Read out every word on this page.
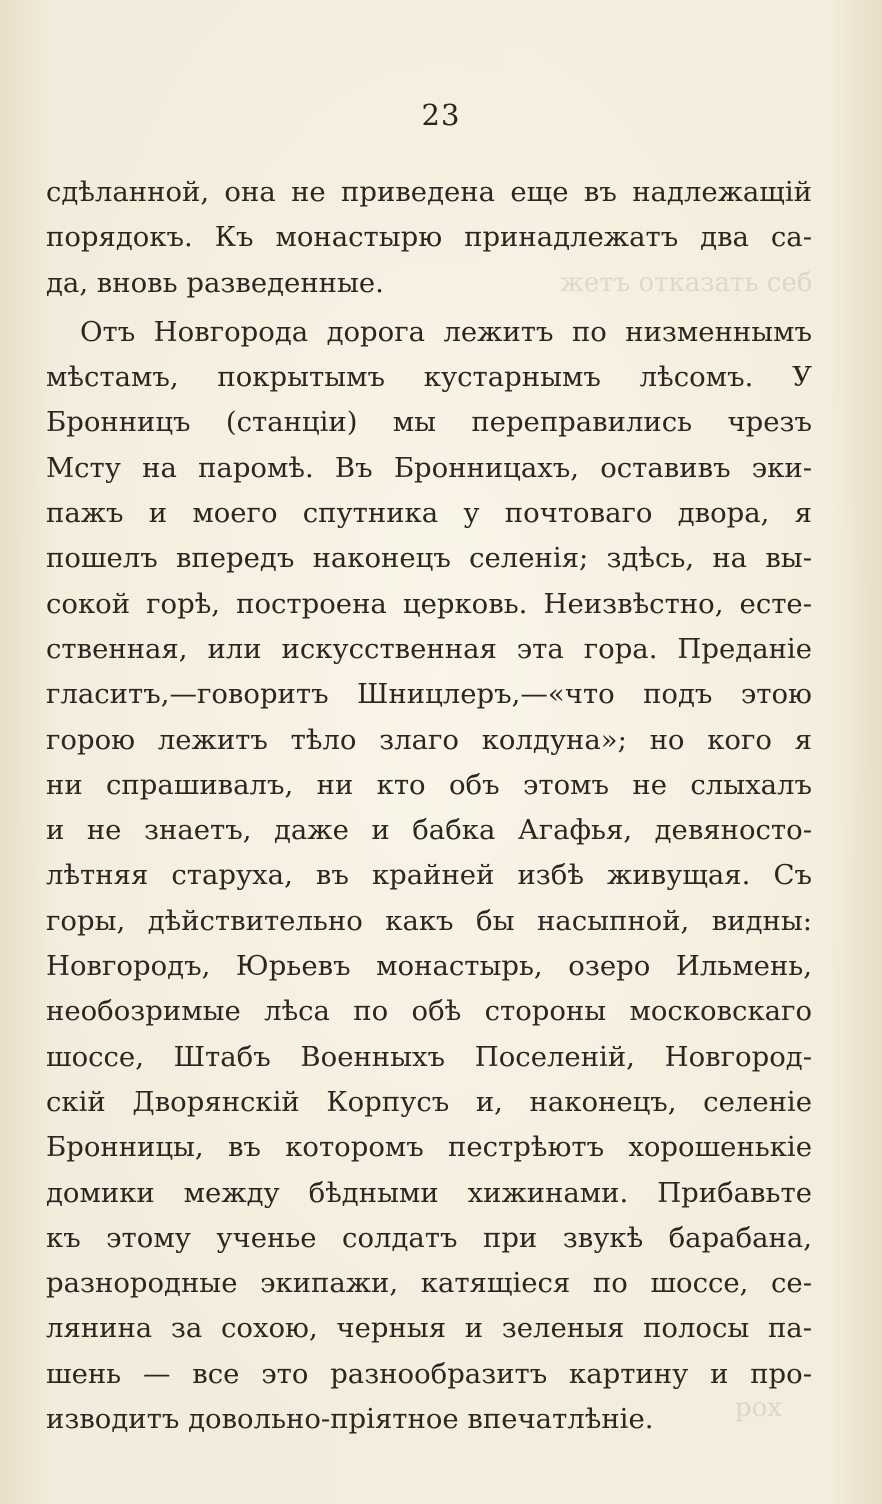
жетъ отказать себ
рох
23
сдѣланной, она не приведена еще въ надлежащій
порядокъ. Къ монастырю принадлежатъ два са-
да, вновь разведенные.
Отъ Новгорода дорога лежитъ по низменнымъ
мѣстамъ, покрытымъ кустарнымъ лѣсомъ. У
Бронницъ (станціи) мы переправились чрезъ
Мсту на паромѣ. Въ Бронницахъ, оставивъ эки-
пажъ и моего спутника у почтоваго двора, я
пошелъ впередъ наконецъ селенія; здѣсь, на вы-
сокой горѣ, построена церковь. Неизвѣстно, есте-
ственная, или искусственная эта гора. Преданіе
гласитъ,—говоритъ Шницлеръ,—«что подъ этою
горою лежитъ тѣло злаго колдуна»; но кого я
ни спрашивалъ, ни кто объ этомъ не слыхалъ
и не знаетъ, даже и бабка Агафья, девяносто-
лѣтняя старуха, въ крайней избѣ живущая. Съ
горы, дѣйствительно какъ бы насыпной, видны:
Новгородъ, Юрьевъ монастырь, озеро Ильмень,
необозримые лѣса по обѣ стороны московскаго
шоссе, Штабъ Военныхъ Поселеній, Новгород-
скій Дворянскій Корпусъ и, наконецъ, селеніе
Бронницы, въ которомъ пестрѣютъ хорошенькіе
домики между бѣдными хижинами. Прибавьте
къ этому ученье солдатъ при звукѣ барабана,
разнородные экипажи, катящіеся по шоссе, се-
лянина за сохою, черныя и зеленыя полосы па-
шень — все это разнообразитъ картину и про-
изводитъ довольно-пріятное впечатлѣніе.
